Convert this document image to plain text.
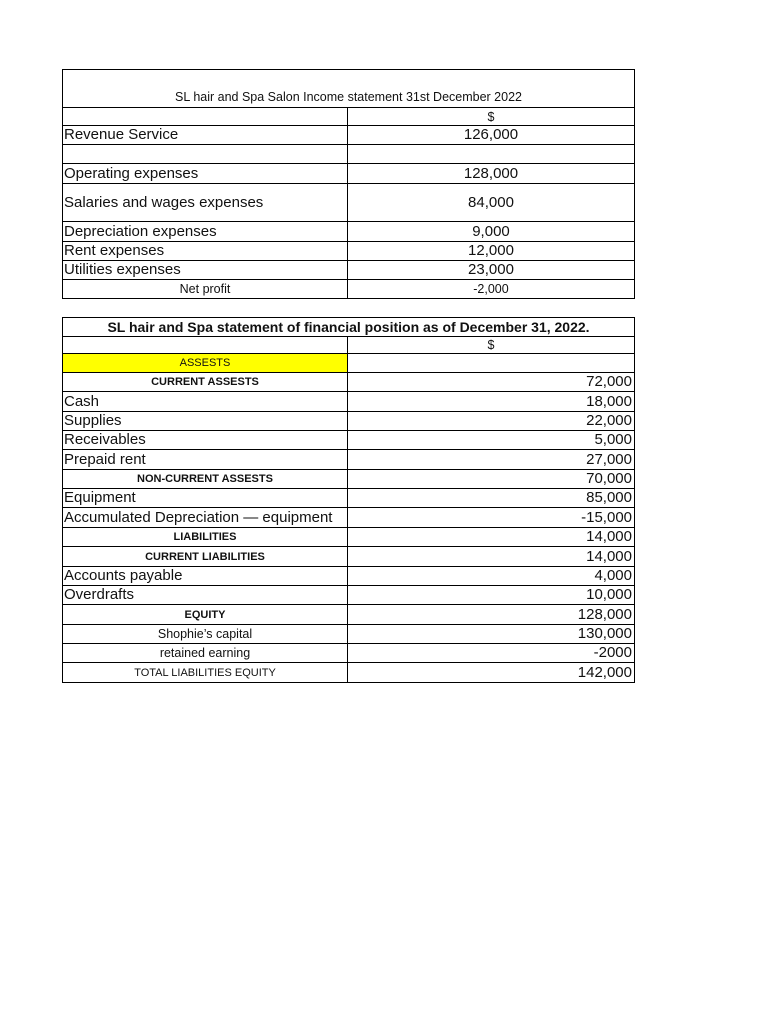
SL hair and Spa Salon Income statement 31st December 2022
$
Revenue Service	126,000
Operating expenses	128,000
Salaries and wages expenses	84,000
Depreciation expenses	9,000
Rent expenses	12,000
Utilities expenses	23,000
Net profit	-2,000
SL hair and Spa statement of financial position as of December 31, 2022.
$
ASSESTS
CURRENT ASSESTS	72,000
Cash	18,000
Supplies	22,000
Receivables	5,000
Prepaid rent	27,000
NON-CURRENT ASSESTS	70,000
Equipment	85,000
Accumulated Depreciation — equipment	-15,000
LIABILITIES	14,000
CURRENT LIABILITIES	14,000
Accounts payable	4,000
Overdrafts	10,000
EQUITY	128,000
Shophie’s capital	130,000
retained earning	-2000
TOTAL LIABILITIES EQUITY	142,000
